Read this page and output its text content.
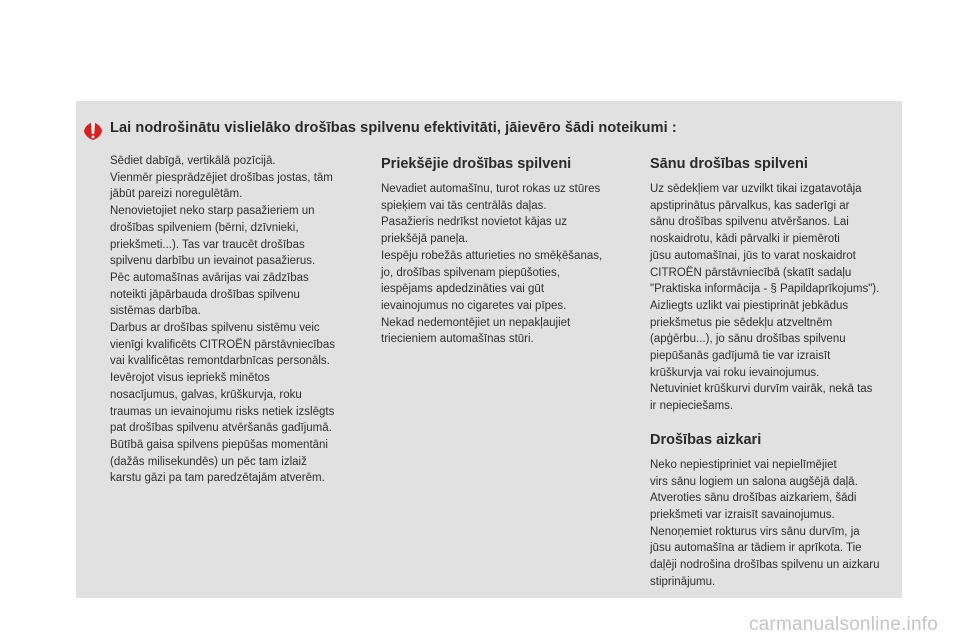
Lai nodrošinātu vislielāko drošības spilvenu efektivitāti, jāievēro šādi noteikumi :
Sēdiet dabīgā, vertikālā pozīcijā.
Vienmēr piesprādzējiet drošības jostas, tām
jābūt pareizi noregulētām.
Nenovietojiet neko starp pasažieriem un
drošības spilveniem (bērni, dzīvnieki,
priekšmeti...). Tas var traucēt drošības
spilvenu darbību un ievainot pasažierus.
Pēc automašīnas avārijas vai zādzības
noteikti jāpārbauda drošības spilvenu
sistēmas darbība.
Darbus ar drošības spilvenu sistēmu veic
vienīgi kvalificēts CITROËN pārstāvniecības
vai kvalificētas remontdarbnīcas personāls.
Ievērojot visus iepriekš minētos
nosacījumus, galvas, krūškurvja, roku
traumas un ievainojumu risks netiek izslēgts
pat drošības spilvenu atvēršanās gadījumā.
Būtībā gaisa spilvens piepūšas momentāni
(dažās milisekundēs) un pēc tam izlaiž
karstu gāzi pa tam paredzētajām atverēm.
Priekšējie drošības spilveni
Nevadiet automašīnu, turot rokas uz stūres
spieķiem vai tās centrālās daļas.
Pasažieris nedrīkst novietot kājas uz
priekšējā paneļa.
Iespēju robežās atturieties no smēķēšanas,
jo, drošības spilvenam piepūšoties,
iespējams apdedzināties vai gūt
ievainojumus no cigaretes vai pīpes.
Nekad nedemontējiet un nepakļaujiet
triecieniem automašīnas stūri.
Sānu drošības spilveni
Uz sēdekļiem var uzvilkt tikai izgatavotāja
apstiprinātus pārvalkus, kas saderīgi ar
sānu drošības spilvenu atvēršanos. Lai
noskaidrotu, kādi pārvalki ir piemēroti
jūsu automašīnai, jūs to varat noskaidrot
CITROËN pārstāvniecībā (skatīt sadaļu
"Praktiska informācija - § Papildaprīkojums").
Aizliegts uzlikt vai piestiprināt jebkādus
priekšmetus pie sēdekļu atzveltnēm
(apģērbu...), jo sānu drošības spilvenu
piepūšanās gadījumā tie var izraisīt
krūškurvja vai roku ievainojumus.
Netuviniet krūškurvi durvīm vairāk, nekā tas
ir nepieciešams.
Drošības aizkari
Neko nepiestipriniet vai nepielīmējiet
virs sānu logiem un salona augšējā daļā.
Atveroties sānu drošības aizkariem, šādi
priekšmeti var izraisīt savainojumus.
Nenoņemiet rokturus virs sānu durvīm, ja
jūsu automašīna ar tādiem ir aprīkota. Tie
daļēji nodrošina drošības spilvenu un aizkaru
stiprinājumu.
carmanualsonline.info
